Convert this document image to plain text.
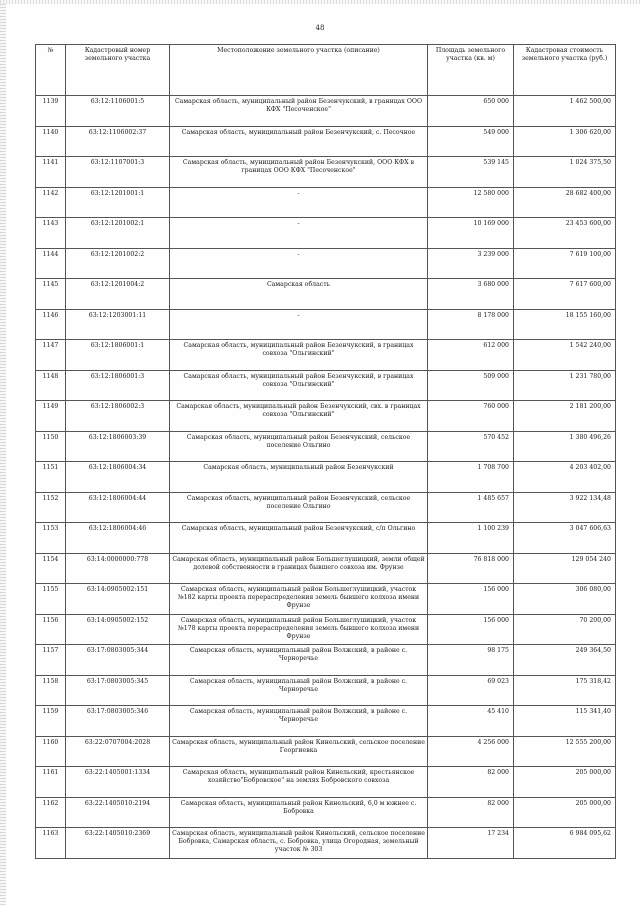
48
№	Кадастровый номер земельного участка	Местоположение земельного участка (описание)	Площадь земельного участка (кв. м)	Кадастровая стоимость земельного участка (руб.)
1139	63:12:1106001:5	Самарская область, муниципальный район Безенчукский, в границах ООО КФХ "Песоченское"	650 000	1 462 500,00
1140	63:12:1106002:37	Самарская область, муниципальный район Безенчукский, с. Песочное	549 000	1 306 620,00
1141	63:12:1107001:3	Самарская область, муниципальный район Безенчукский, ООО КФХ в границах ООО КФХ "Песоченское"	539 145	1 024 375,50
1142	63:12:1201001:1	-	12 580 000	28 682 400,00
1143	63:12:1201002:1	-	10 169 000	23 453 600,00
1144	63:12:1201002:2	-	3 239 000	7 619 100,00
1145	63:12:1201004:2	Самарская область	3 680 000	7 617 600,00
1146	63:12:1203001:11	-	8 178 000	18 155 160,00
1147	63:12:1806001:1	Самарская область, муниципальный район Безенчукский, в границах совхоза "Ольгинский"	612 000	1 542 240,00
1148	63:12:1806001:3	Самарская область, муниципальный район Безенчукский, в границах совхоза "Ольгинский"	509 000	1 231 780,00
1149	63:12:1806002:3	Самарская область, муниципальный район Безенчукский, свх. в границах совхоза "Ольгинский"	760 000	2 181 200,00
1150	63:12:1806003:39	Самарская область, муниципальный район Безенчукский, сельское поселение Ольгино	570 452	1 380 496,26
1151	63:12:1806004:34	Самарская область, муниципальный район Безенчукский	1 708 700	4 203 402,00
1152	63:12:1806004:44	Самарская область, муниципальный район Безенчукский, сельское поселение Ольгино	1 485 657	3 922 134,48
1153	63:12:1806004:46	Самарская область, муниципальный район Безенчукский, с/п Ольгино	1 100 239	3 047 606,63
1154	63:14:0000000:778	Самарская область, муниципальный район Большеглушицкий, земли общей долевой собственности в границах бывшего совхоза им. Фрунзе	76 818 000	129 054 240
1155	63:14:0905002:151	Самарская область, муниципальный район Большеглушицкий, участок №182 карты проекта перераспределения земель бывшего колхоза имени Фрунзе	156 000	306 080,00
1156	63:14:0905002:152	Самарская область, муниципальный район Большеглушицкий, участок №178 карты проекта перераспределения земель бывшего колхоза имени Фрунзе	156 000	70 200,00
1157	63:17:0803005:344	Самарская область, муниципальный район Волжский, в районе с. Черноречье	98 175	249 364,50
1158	63:17:0803005:345	Самарская область, муниципальный район Волжский, в районе с. Черноречье	69 023	175 318,42
1159	63:17:0803005:346	Самарская область, муниципальный район Волжский, в районе с. Черноречье	45 410	115 341,40
1160	63:22:0707004:2028	Самарская область, муниципальный район Кинельский, сельское поселение Георгиевка	4 256 000	12 555 200,00
1161	63:22:1405001:1334	Самарская область, муниципальный район Кинельский, крестьянское хозяйство"Бобровское" на землях Бобровского совхоза	82 000	205 000,00
1162	63:22:1405010:2194	Самарская область, муниципальный район Кинельский, 6,0 м южнее с. Бобровка	82 000	205 000,00
1163	63:22:1405010:2369	Самарская область, муниципальный район Кинельский, сельское поселение Бобровка, Самарская область, с. Бобровка, улица Огородная, земельный участок № 303	17 234	6 984 095,62
